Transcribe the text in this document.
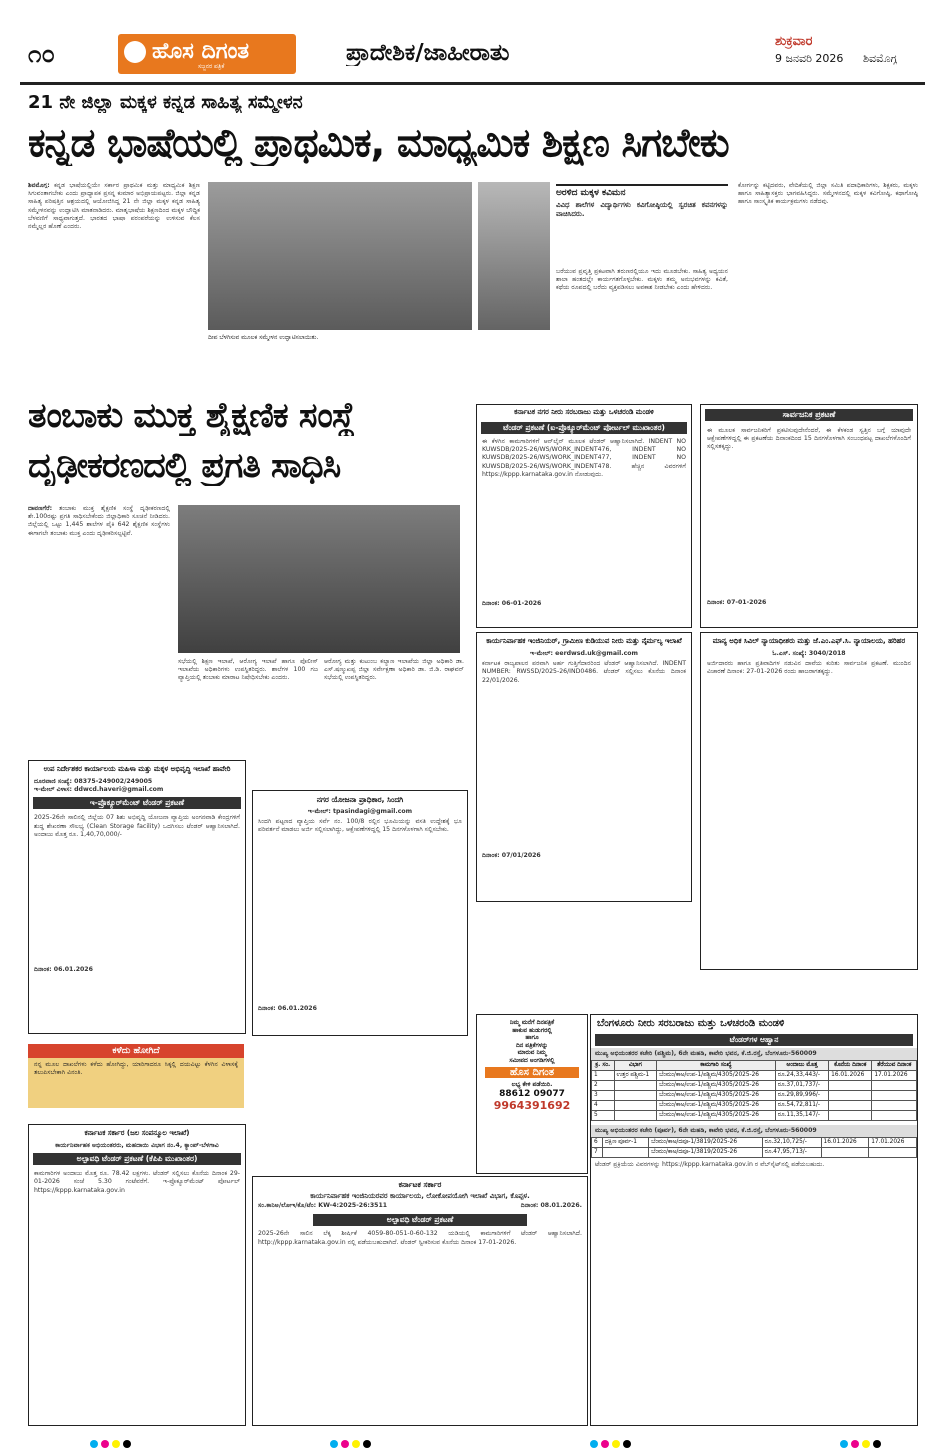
೧೦	ಹೊಸ ದಿಗಂತ
ಸಜ್ಜನರ ಪತ್ರಿಕೆ
ಪ್ರಾದೇಶಿಕ/ಜಾಹೀರಾತು	ಶುಕ್ರವಾರ
9 ಜನವರಿ 2026 ಶಿವಮೊಗ್ಗ
21 ನೇ ಜಿಲ್ಲಾ ಮಕ್ಕಳ ಕನ್ನಡ ಸಾಹಿತ್ಯ ಸಮ್ಮೇಳನ
ಕನ್ನಡ ಭಾಷೆಯಲ್ಲಿ ಪ್ರಾಥಮಿಕ, ಮಾಧ್ಯಮಿಕ ಶಿಕ್ಷಣ ಸಿಗಬೇಕು
ಶಿವಮೊಗ್ಗ: ಕನ್ನಡ ಭಾಷೆಯಲ್ಲಿಯೇ ಸರ್ಕಾರ ಪ್ರಾಥಮಿಕ ಮತ್ತು ಮಾಧ್ಯಮಿಕ ಶಿಕ್ಷಣ ಸಿಗುವಂತಾಗಬೇಕು ಎಂದು ಪ್ರಾಧ್ಯಾಪಕ ಪ್ರಸನ್ನ ಕುಮಾರ ಅಭಿಪ್ರಾಯಪಟ್ಟರು. ಜಿಲ್ಲಾ ಕನ್ನಡ ಸಾಹಿತ್ಯ ಪರಿಷತ್ತಿನ ಆಶ್ರಯದಲ್ಲಿ ಆಯೋಜಿಸಿದ್ದ 21 ನೇ ಜಿಲ್ಲಾ ಮಕ್ಕಳ ಕನ್ನಡ ಸಾಹಿತ್ಯ ಸಮ್ಮೇಳನವನ್ನು ಉದ್ಘಾಟಿಸಿ ಮಾತನಾಡಿದರು. ಮಾತೃಭಾಷೆಯ ಶಿಕ್ಷಣದಿಂದ ಮಕ್ಕಳ ಬೌದ್ಧಿಕ ಬೆಳವಣಿಗೆ ಸಾಧ್ಯವಾಗುತ್ತದೆ. ಭಾರತದ ಭಾಷಾ ಪರಂಪರೆಯನ್ನು ಉಳಿಸುವ ಕೆಲಸ ನಮ್ಮೆಲ್ಲರ ಹೊಣೆ ಎಂದರು.
ದೀಪ ಬೆಳಗಿಸುವ ಮೂಲಕ ಸಮ್ಮೇಳನ ಉದ್ಘಾಟಿಸಲಾಯಿತು.
ಅರಳಿದ ಮಕ್ಕಳ ಕವಿಮನ
ವಿವಿಧ ಶಾಲೆಗಳ ವಿದ್ಯಾರ್ಥಿಗಳು ಕವಿಗೋಷ್ಠಿಯಲ್ಲಿ ಸ್ವರಚಿತ ಕವನಗಳನ್ನು ವಾಚಿಸಿದರು.
ಬರೆಯುವ ಪ್ರವೃತ್ತಿ ಪ್ರಕಟವಾಗಿ ತರುಣರಲ್ಲಿಯೂ ಇದು ಮೂಡಬೇಕು. ಸಾಹಿತ್ಯ ಅಧ್ಯಯನ ಶಾಲಾ ಹಂತದಲ್ಲೇ ಕಾರ್ಯಗತಗೊಳ್ಳಬೇಕು. ಮಕ್ಕಳು ತಮ್ಮ ಅನುಭವಗಳನ್ನು ಕವಿತೆ, ಕಥೆಯ ರೂಪದಲ್ಲಿ ಬರೆದು ವ್ಯಕ್ತಪಡಿಸಲು ಅವಕಾಶ ನೀಡಬೇಕು ಎಂದು ಹೇಳಿದರು.
ಕೋರ್ಗನ್ನು ಕಟ್ಟಿದವರು, ವೇದಿಕೆಯಲ್ಲಿ ಜಿಲ್ಲಾ ಸಮಿತಿ ಪದಾಧಿಕಾರಿಗಳು, ಶಿಕ್ಷಕರು, ಮಕ್ಕಳು ಹಾಗೂ ಸಾಹಿತ್ಯಾಸಕ್ತರು ಭಾಗವಹಿಸಿದ್ದರು. ಸಮ್ಮೇಳನದಲ್ಲಿ ಮಕ್ಕಳ ಕವಿಗೋಷ್ಠಿ, ಕಥಾಗೋಷ್ಠಿ ಹಾಗೂ ಸಾಂಸ್ಕೃತಿಕ ಕಾರ್ಯಕ್ರಮಗಳು ನಡೆದವು.
ತಂಬಾಕು ಮುಕ್ತ ಶೈಕ್ಷಣಿಕ ಸಂಸ್ಥೆ
ದೃಢೀಕರಣದಲ್ಲಿ ಪ್ರಗತಿ ಸಾಧಿಸಿ
ದಾವಣಗೆರೆ: ತಂಬಾಕು ಮುಕ್ತ ಶೈಕ್ಷಣಿಕ ಸಂಸ್ಥೆ ದೃಢೀಕರಣದಲ್ಲಿ ಶೇ.100ರಷ್ಟು ಪ್ರಗತಿ ಸಾಧಿಸಬೇಕೆಂದು ಜಿಲ್ಲಾಧಿಕಾರಿ ಸೂಚನೆ ನೀಡಿದರು. ಜಿಲ್ಲೆಯಲ್ಲಿ ಒಟ್ಟು 1,445 ಶಾಲೆಗಳ ಪೈಕಿ 642 ಶೈಕ್ಷಣಿಕ ಸಂಸ್ಥೆಗಳು ಈಗಾಗಲೇ ತಂಬಾಕು ಮುಕ್ತ ಎಂದು ದೃಢೀಕರಿಸಲ್ಪಟ್ಟಿವೆ.
ಸಭೆಯಲ್ಲಿ ಶಿಕ್ಷಣ ಇಲಾಖೆ, ಆರೋಗ್ಯ ಇಲಾಖೆ ಹಾಗೂ ಪೊಲೀಸ್ ಇಲಾಖೆಯ ಅಧಿಕಾರಿಗಳು ಉಪಸ್ಥಿತರಿದ್ದರು. ಶಾಲೆಗಳ 100 ಗಜ ವ್ಯಾಪ್ತಿಯಲ್ಲಿ ತಂಬಾಕು ಮಾರಾಟ ನಿಷೇಧಿಸಬೇಕು ಎಂದರು.
ಆರೋಗ್ಯ ಮತ್ತು ಕುಟುಂಬ ಕಲ್ಯಾಣ ಇಲಾಖೆಯ ಜಿಲ್ಲಾ ಅಧಿಕಾರಿ ಡಾ. ಎಸ್.ಷಣ್ಮುಖಪ್ಪ ಜಿಲ್ಲಾ ಸರ್ವೇಕ್ಷಣಾ ಅಧಿಕಾರಿ ಡಾ. ಜಿ.ಡಿ. ರಾಘವನ್ ಸಭೆಯಲ್ಲಿ ಉಪಸ್ಥಿತರಿದ್ದರು.
ಕರ್ನಾಟಕ ನಗರ ನೀರು ಸರಬರಾಜು ಮತ್ತು ಒಳಚರಂಡಿ ಮಂಡಳಿ
ಟೆಂಡರ್ ಪ್ರಕಟಣೆ (ಐ-ಪ್ರೊಕ್ಯೂರ್‌ಮೆಂಟ್ ಪೋರ್ಟಲ್ ಮುಖಾಂತರ)
ಈ ಕೆಳಗಿನ ಕಾಮಗಾರಿಗಳಿಗೆ ಆನ್‌ಲೈನ್ ಮೂಲಕ ಟೆಂಡರ್ ಆಹ್ವಾನಿಸಲಾಗಿದೆ. INDENT NO KUWSDB/2025-26/WS/WORK_INDENT476, INDENT NO KUWSDB/2025-26/WS/WORK_INDENT477, INDENT NO KUWSDB/2025-26/WS/WORK_INDENT478. ಹೆಚ್ಚಿನ ವಿವರಗಳಿಗೆ https://kppp.karnataka.gov.in ನೋಡುವುದು.
ದಿನಾಂಕ: 06-01-2026
ಸಾರ್ವಜನಿಕ ಪ್ರಕಟಣೆ
ಈ ಮೂಲಕ ಸಾರ್ವಜನಿಕರಿಗೆ ಪ್ರಕಟಿಸುವುದೇನೆಂದರೆ, ಈ ಕೆಳಕಂಡ ಸ್ವತ್ತಿನ ಬಗ್ಗೆ ಯಾವುದೇ ಆಕ್ಷೇಪಣೆಗಳಿದ್ದಲ್ಲಿ ಈ ಪ್ರಕಟಣೆಯ ದಿನಾಂಕದಿಂದ 15 ದಿನಗಳೊಳಗಾಗಿ ಸಂಬಂಧಪಟ್ಟ ದಾಖಲೆಗಳೊಂದಿಗೆ ಸಲ್ಲಿಸತಕ್ಕದ್ದು.
ದಿನಾಂಕ: 07-01-2026
ಕಾರ್ಯನಿರ್ವಾಹಕ ಇಂಜಿನಿಯರ್, ಗ್ರಾಮೀಣ ಕುಡಿಯುವ ನೀರು ಮತ್ತು ನೈರ್ಮಲ್ಯ ಇಲಾಖೆ
ಇ-ಮೇಲ್: eerdwsd.uk@gmail.com
ಕರ್ನಾಟಕ ರಾಜ್ಯಪಾಲರ ಪರವಾಗಿ ಅರ್ಹ ಗುತ್ತಿಗೆದಾರರಿಂದ ಟೆಂಡರ್ ಆಹ್ವಾನಿಸಲಾಗಿದೆ. INDENT NUMBER: RWSSD/2025-26/IND0486. ಟೆಂಡರ್ ಸಲ್ಲಿಸಲು ಕೊನೆಯ ದಿನಾಂಕ 22/01/2026.
ದಿನಾಂಕ: 07/01/2026
ಮಾನ್ಯ ಅಧಿಕ ಸಿವಿಲ್ ನ್ಯಾಯಾಧೀಶರು ಮತ್ತು ಜೆ.ಎಂ.ಎಫ್.ಸಿ. ನ್ಯಾಯಾಲಯ, ಹರಿಹರ
ಓ.ಎಸ್. ಸಂಖ್ಯೆ: 3040/2018
ಅರ್ಜಿದಾರರು ಹಾಗೂ ಪ್ರತಿವಾದಿಗಳ ನಡುವಿನ ದಾವೆಯ ಕುರಿತು ಸಾರ್ವಜನಿಕ ಪ್ರಕಟಣೆ. ಮುಂದಿನ ವಿಚಾರಣೆ ದಿನಾಂಕ: 27-01-2026 ರಂದು ಹಾಜರಾಗತಕ್ಕದ್ದು.
ಉಪ ನಿರ್ದೇಶಕರ ಕಾರ್ಯಾಲಯ ಮಹಿಳಾ ಮತ್ತು ಮಕ್ಕಳ ಅಭಿವೃದ್ಧಿ ಇಲಾಖೆ ಹಾವೇರಿ
ದೂರವಾಣಿ ಸಂಖ್ಯೆ: 08375-249002/249005
ಇ-ಮೇಲ್ ವಿಳಾಸ: ddwcd.haveri@gmail.com
ಇ-ಪ್ರೊಕ್ಯೂರ್‌ಮೆಂಟ್ ಟೆಂಡರ್ ಪ್ರಕಟಣೆ
2025-26ನೇ ಸಾಲಿನಲ್ಲಿ ಜಿಲ್ಲೆಯ 07 ಶಿಶು ಅಭಿವೃದ್ಧಿ ಯೋಜನಾ ವ್ಯಾಪ್ತಿಯ ಅಂಗನವಾಡಿ ಕೇಂದ್ರಗಳಿಗೆ ಶುದ್ಧ ಶೇಖರಣಾ ಸೌಲಭ್ಯ (Clean Storage facility) ಒದಗಿಸಲು ಟೆಂಡರ್ ಆಹ್ವಾನಿಸಲಾಗಿದೆ. ಅಂದಾಜು ಮೊತ್ತ ರೂ. 1,40,70,000/-
ದಿನಾಂಕ: 06.01.2026
ನಗರ ಯೋಜನಾ ಪ್ರಾಧಿಕಾರ, ಸಿಂದಗಿ
ಇ-ಮೇಲ್: tpasindagi@gmail.com
ಸಿಂದಗಿ ಪಟ್ಟಣದ ವ್ಯಾಪ್ತಿಯ ಸರ್ವೆ ನಂ. 100/8 ರಲ್ಲಿನ ಭೂಮಿಯನ್ನು ವಸತಿ ಉದ್ದೇಶಕ್ಕೆ ಭೂ ಪರಿವರ್ತನೆ ಮಾಡಲು ಅರ್ಜಿ ಸಲ್ಲಿಸಲಾಗಿದ್ದು, ಆಕ್ಷೇಪಣೆಗಳಿದ್ದಲ್ಲಿ 15 ದಿನಗಳೊಳಗಾಗಿ ಸಲ್ಲಿಸಬೇಕು.
ದಿನಾಂಕ: 06.01.2026
ಕಳೆದು ಹೋಗಿದೆ
ನನ್ನ ಮೂಲ ದಾಖಲೆಗಳು ಕಳೆದು ಹೋಗಿದ್ದು, ಯಾರಿಗಾದರೂ ಸಿಕ್ಕಲ್ಲಿ ದಯವಿಟ್ಟು ಕೆಳಗಿನ ವಿಳಾಸಕ್ಕೆ ತಲುಪಿಸಬೇಕಾಗಿ ವಿನಂತಿ.
ನಿಮ್ಮ ಮನೆಗೆ ದಿನಪತ್ರಿಕೆ
ಹಾಕುವ ಹುಡುಗರಲ್ಲಿ
ಹಾಗೂ
ದಿನ ಪತ್ರಿಕೆಗಳನ್ನು
ಮಾರುವ ನಿಮ್ಮ
ಸಮೀಪದ ಅಂಗಡಿಗಳಲ್ಲಿ
ಹೊಸ ದಿಗಂತ
ಲಭ್ಯ ಕೇಳಿ ಪಡೆಯಿರಿ.
88612 09077
9964391692
ಬೆಂಗಳೂರು ನೀರು ಸರಬರಾಜು ಮತ್ತು ಒಳಚರಂಡಿ ಮಂಡಳಿ
ಟೆಂಡರ್‌ಗಳ ಆಹ್ವಾನ
ಮುಖ್ಯ ಅಭಿಯಂತರರ ಕಚೇರಿ (ಪಶ್ಚಿಮ), 6ನೇ ಮಹಡಿ, ಕಾವೇರಿ ಭವನ, ಕೆ.ಜಿ.ರಸ್ತೆ, ಬೆಂಗಳೂರು-560009
ಕ್ರ. ಸಂ.	ವಿಭಾಗ	ಕಾಮಗಾರಿ ಸಂಖ್ಯೆ	ಅಂದಾಜು ಮೊತ್ತ	ಕೊನೆಯ ದಿನಾಂಕ	ತೆರೆಯುವ ದಿನಾಂಕ
1	ಉತ್ತರ ಪಶ್ಚಿಮ-1	ಬೆಂಮಂ/ಕಾಅ/ಉಪ-1/ಪಶ್ಚಿಮ/4305/2025-26	ರೂ.24,33,443/-	16.01.2026	17.01.2026
2		ಬೆಂಮಂ/ಕಾಅ/ಉಪ-1/ಪಶ್ಚಿಮ/4305/2025-26	ರೂ.37,01,737/-		
3		ಬೆಂಮಂ/ಕಾಅ/ಉಪ-1/ಪಶ್ಚಿಮ/4305/2025-26	ರೂ.29,89,996/-		
4		ಬೆಂಮಂ/ಕಾಅ/ಉಪ-1/ಪಶ್ಚಿಮ/4305/2025-26	ರೂ.54,72,811/-		
5		ಬೆಂಮಂ/ಕಾಅ/ಉಪ-1/ಪಶ್ಚಿಮ/4305/2025-26	ರೂ.11,35,147/-		
ಮುಖ್ಯ ಅಭಿಯಂತರರ ಕಚೇರಿ (ಪೂರ್ವ), 6ನೇ ಮಹಡಿ, ಕಾವೇರಿ ಭವನ, ಕೆ.ಜಿ.ರಸ್ತೆ, ಬೆಂಗಳೂರು-560009
6	ದಕ್ಷಿಣ ಪೂರ್ವ-1	ಬೆಂಮಂ/ಕಾಅ/ದಪೂ-1/3819/2025-26	ರೂ.32,10,725/-	16.01.2026	17.01.2026
7		ಬೆಂಮಂ/ಕಾಅ/ದಪೂ-1/3819/2025-26	ರೂ.47,95,713/-		
ಟೆಂಡರ್ ಪ್ರಕ್ರಿಯೆಯ ವಿವರಗಳನ್ನು https://kppp.karnataka.gov.in ರ ವೆಬ್‌ಸೈಟ್‌ನಲ್ಲಿ ಪಡೆಯಬಹುದು.
ಕರ್ನಾಟಕ ಸರ್ಕಾರ (ಜಲ ಸಂಪನ್ಮೂಲ ಇಲಾಖೆ)
ಕಾರ್ಯನಿರ್ವಾಹಕ ಅಭಿಯಂತರರು, ಮಹದಾಯಿ ವಿಭಾಗ ನಂ.4, ಕ್ಯಾಂಪ್-ಬೆಳಗಾವಿ
ಅಲ್ಪಾವಧಿ ಟೆಂಡರ್ ಪ್ರಕಟಣೆ (ಕೆಪಿಪಿ ಮುಖಾಂತರ)
ಕಾಮಗಾರಿಗಳ ಅಂದಾಜು ಮೊತ್ತ ರೂ. 78.42 ಲಕ್ಷಗಳು. ಟೆಂಡರ್ ಸಲ್ಲಿಸಲು ಕೊನೆಯ ದಿನಾಂಕ 29-01-2026 ಸಂಜೆ 5.30 ಗಂಟೆವರೆಗೆ. ಇ-ಪ್ರೊಕ್ಯೂರ್‌ಮೆಂಟ್ ಪೋರ್ಟಲ್ https://kppp.karnataka.gov.in
ಕರ್ನಾಟಕ ಸರ್ಕಾರ
ಕಾರ್ಯನಿರ್ವಾಹಕ ಇಂಜಿನಿಯರವರ ಕಾರ್ಯಾಲಯ, ಲೋಕೋಪಯೋಗಿ ಇಲಾಖೆ ವಿಭಾಗ, ಕೊಪ್ಪಳ.
ಸಂ.ಕಾನಿಅ/ಲೋಇ/ಕೊ/ಟೆಂ: KW-4:2025-26:3511	ದಿನಾಂಕ: 08.01.2026.
ಅಲ್ಪಾವಧಿ ಟೆಂಡರ್ ಪ್ರಕಟಣೆ
2025-26ನೇ ಸಾಲಿನ ಲೆಕ್ಕ ಶೀರ್ಷಿಕೆ 4059-80-051-0-60-132 ಯಡಿಯಲ್ಲಿ ಕಾಮಗಾರಿಗಳಿಗೆ ಟೆಂಡರ್ ಆಹ್ವಾನಿಸಲಾಗಿದೆ. http://kppp.karnataka.gov.in ನಲ್ಲಿ ಪಡೆಯಬಹುದಾಗಿದೆ. ಟೆಂಡರ್ ಸ್ವೀಕರಿಸುವ ಕೊನೆಯ ದಿನಾಂಕ 17-01-2026.
